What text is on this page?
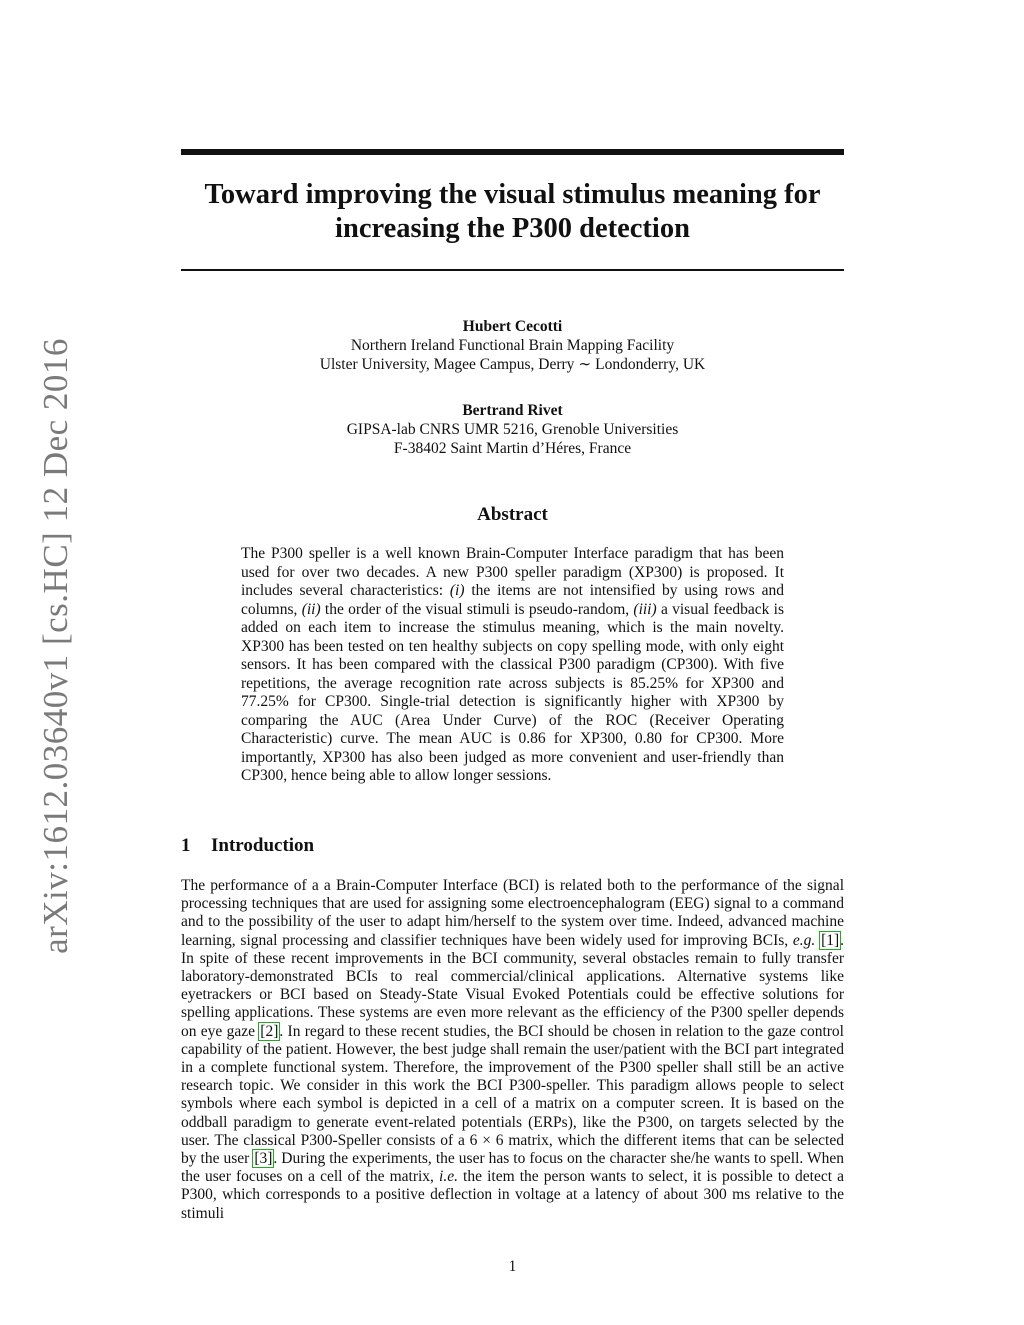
arXiv:1612.03640v1 [cs.HC] 12 Dec 2016
Toward improving the visual stimulus meaning for increasing the P300 detection
Hubert Cecotti
Northern Ireland Functional Brain Mapping Facility
Ulster University, Magee Campus, Derry ∼ Londonderry, UK
Bertrand Rivet
GIPSA-lab CNRS UMR 5216, Grenoble Universities
F-38402 Saint Martin d’Héres, France
Abstract
The P300 speller is a well known Brain-Computer Interface paradigm that has been used for over two decades. A new P300 speller paradigm (XP300) is proposed. It includes several characteristics: (i) the items are not intensified by using rows and columns, (ii) the order of the visual stimuli is pseudo-random, (iii) a visual feedback is added on each item to increase the stimulus meaning, which is the main novelty. XP300 has been tested on ten healthy subjects on copy spelling mode, with only eight sensors. It has been compared with the classical P300 paradigm (CP300). With five repetitions, the average recognition rate across subjects is 85.25% for XP300 and 77.25% for CP300. Single-trial detection is significantly higher with XP300 by comparing the AUC (Area Under Curve) of the ROC (Receiver Operating Characteristic) curve. The mean AUC is 0.86 for XP300, 0.80 for CP300. More importantly, XP300 has also been judged as more convenient and user-friendly than CP300, hence being able to allow longer sessions.
1 Introduction
The performance of a a Brain-Computer Interface (BCI) is related both to the performance of the signal processing techniques that are used for assigning some electroencephalogram (EEG) signal to a command and to the possibility of the user to adapt him/herself to the system over time. Indeed, advanced machine learning, signal processing and classifier techniques have been widely used for improving BCIs, e.g. [1]. In spite of these recent improvements in the BCI community, several obstacles remain to fully transfer laboratory-demonstrated BCIs to real commercial/clinical applications. Alternative systems like eyetrackers or BCI based on Steady-State Visual Evoked Potentials could be effective solutions for spelling applications. These systems are even more relevant as the efficiency of the P300 speller depends on eye gaze [2]. In regard to these recent studies, the BCI should be chosen in relation to the gaze control capability of the patient. However, the best judge shall remain the user/patient with the BCI part integrated in a complete functional system. Therefore, the improvement of the P300 speller shall still be an active research topic. We consider in this work the BCI P300-speller. This paradigm allows people to select symbols where each symbol is depicted in a cell of a matrix on a computer screen. It is based on the oddball paradigm to generate event-related potentials (ERPs), like the P300, on targets selected by the user. The classical P300-Speller consists of a 6 × 6 matrix, which the different items that can be selected by the user [3]. During the experiments, the user has to focus on the character she/he wants to spell. When the user focuses on a cell of the matrix, i.e. the item the person wants to select, it is possible to detect a P300, which corresponds to a positive deflection in voltage at a latency of about 300 ms relative to the stimuli
1
